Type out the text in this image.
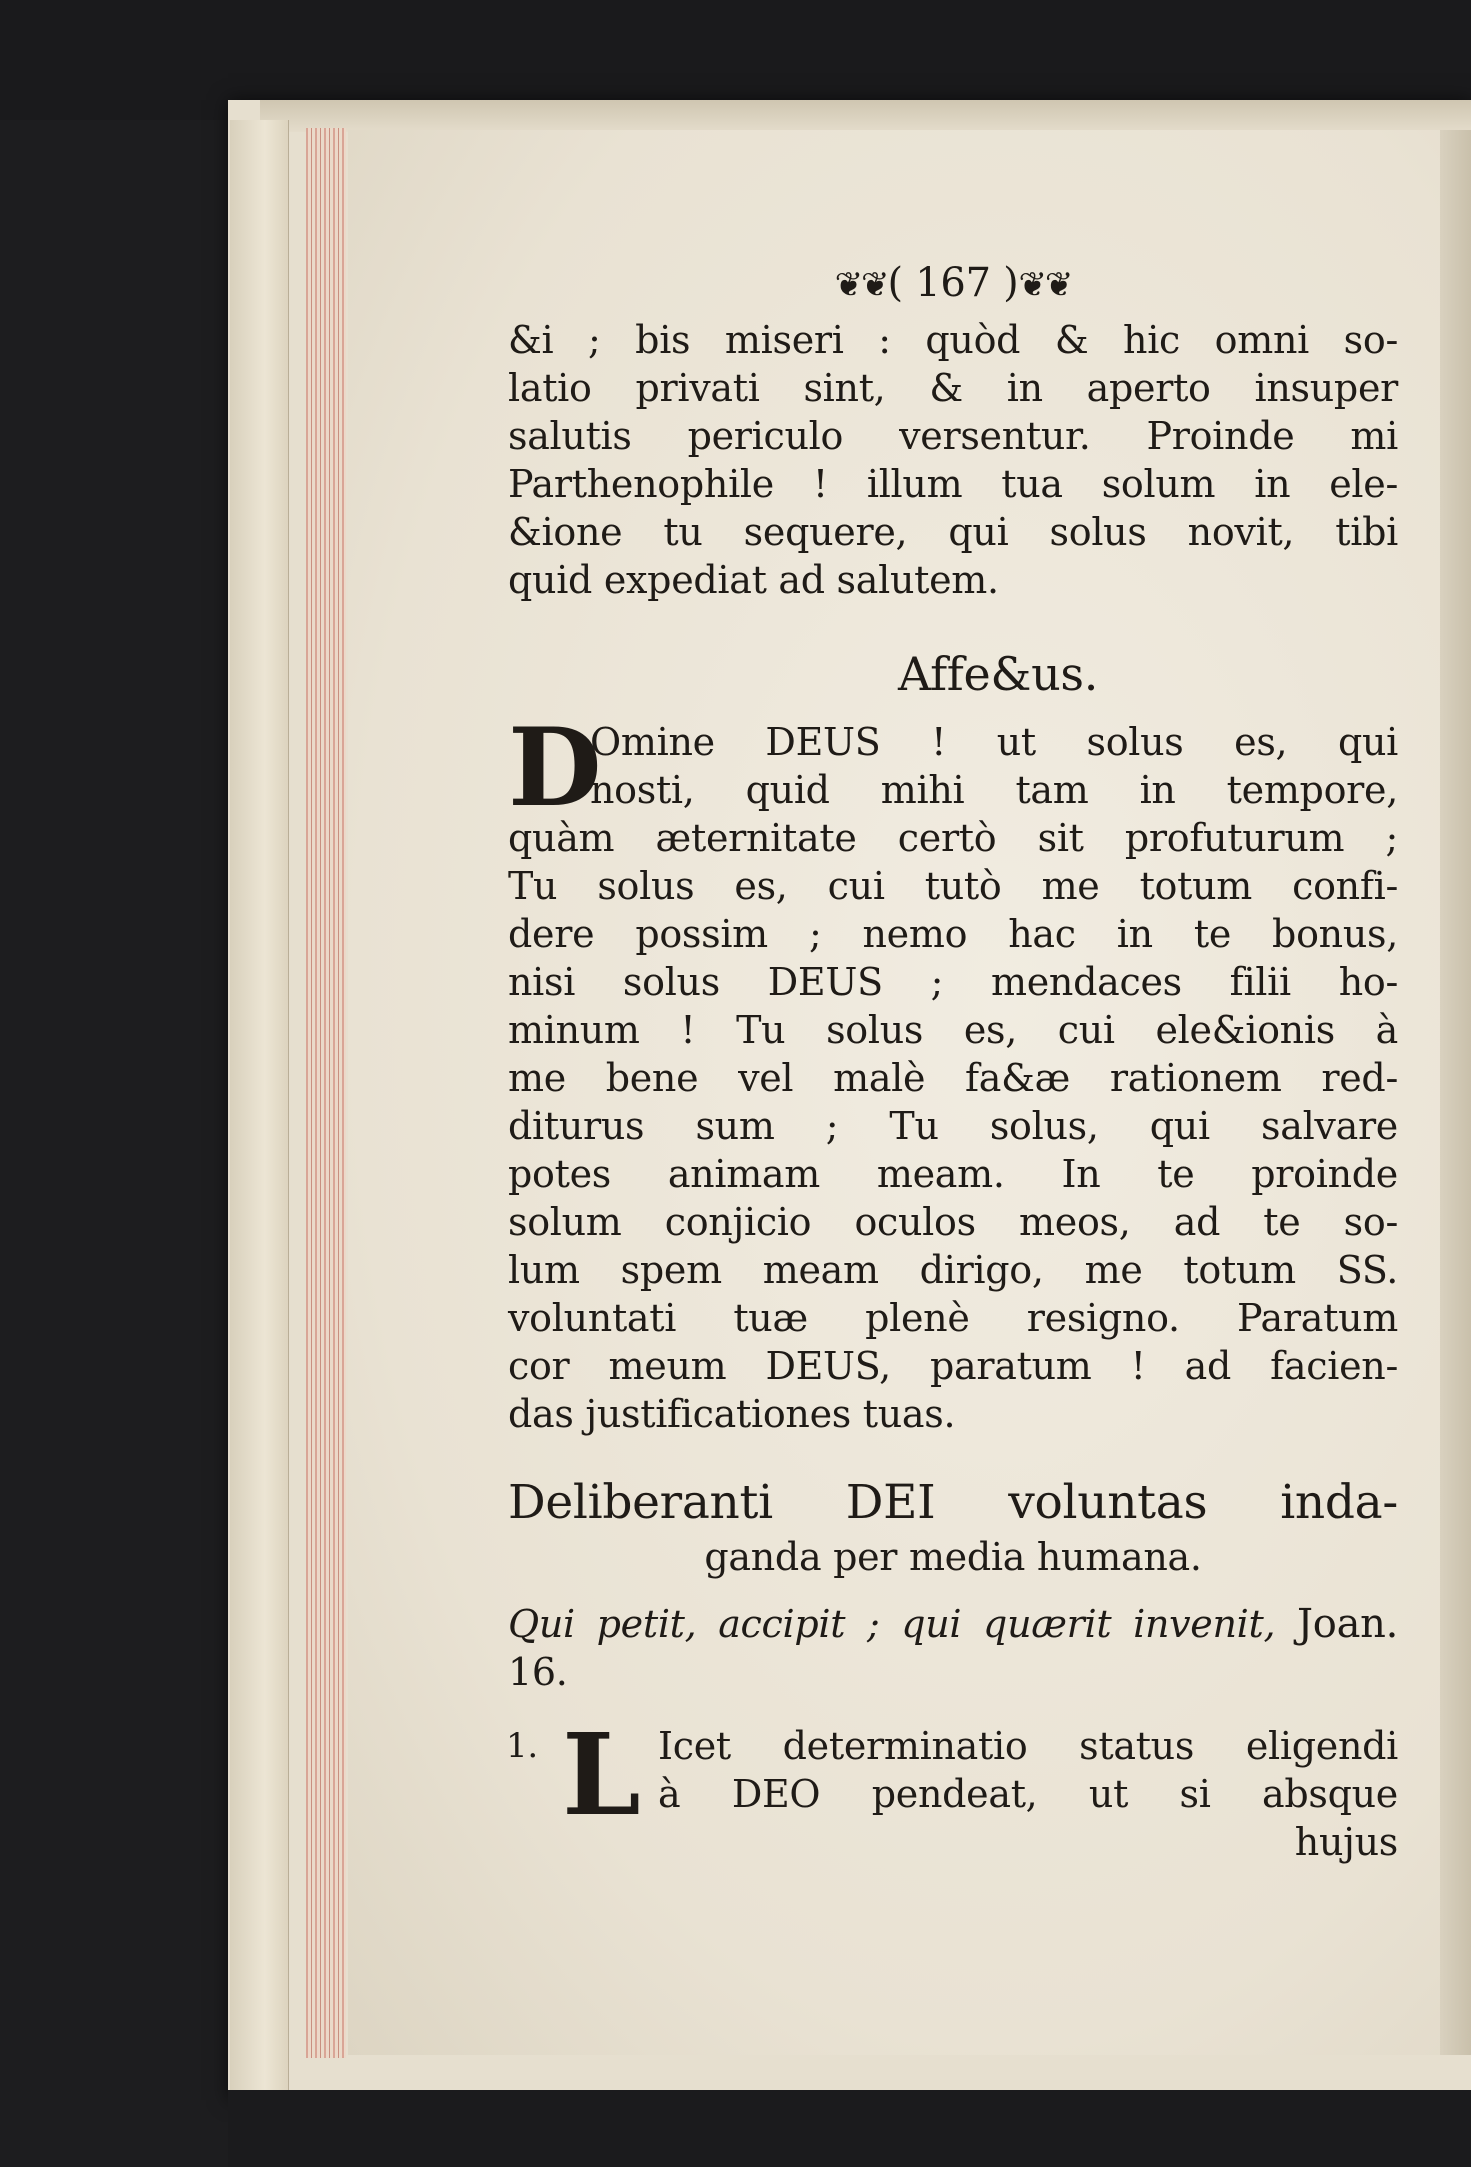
❦❦( 167 )❦❦
&i ; bis miseri : quòd & hic omni so-
latio privati sint, & in aperto insuper
salutis periculo versentur. Proinde mi
Parthenophile ! illum tua solum in ele-
&ione tu sequere, qui solus novit, tibi
quid expediat ad salutem.
Affe&us.
D
Omine DEUS ! ut solus es, qui
nosti, quid mihi tam in tempore,
quàm æternitate certò sit profuturum ;
Tu solus es, cui tutò me totum confi-
dere possim ; nemo hac in te bonus,
nisi solus DEUS ; mendaces filii ho-
minum ! Tu solus es, cui ele&ionis à
me bene vel malè fa&æ rationem red-
diturus sum ; Tu solus, qui salvare
potes animam meam. In te proinde
solum conjicio oculos meos, ad te so-
lum spem meam dirigo, me totum SS.
voluntati tuæ plenè resigno. Paratum
cor meum DEUS, paratum ! ad facien-
das justificationes tuas.
Deliberanti DEI voluntas inda-
ganda per media humana.
Qui petit, accipit ; qui quærit invenit, Joan.
16.
1. L Icet determinatio status eligendi
à DEO pendeat, ut si absque
hujus
